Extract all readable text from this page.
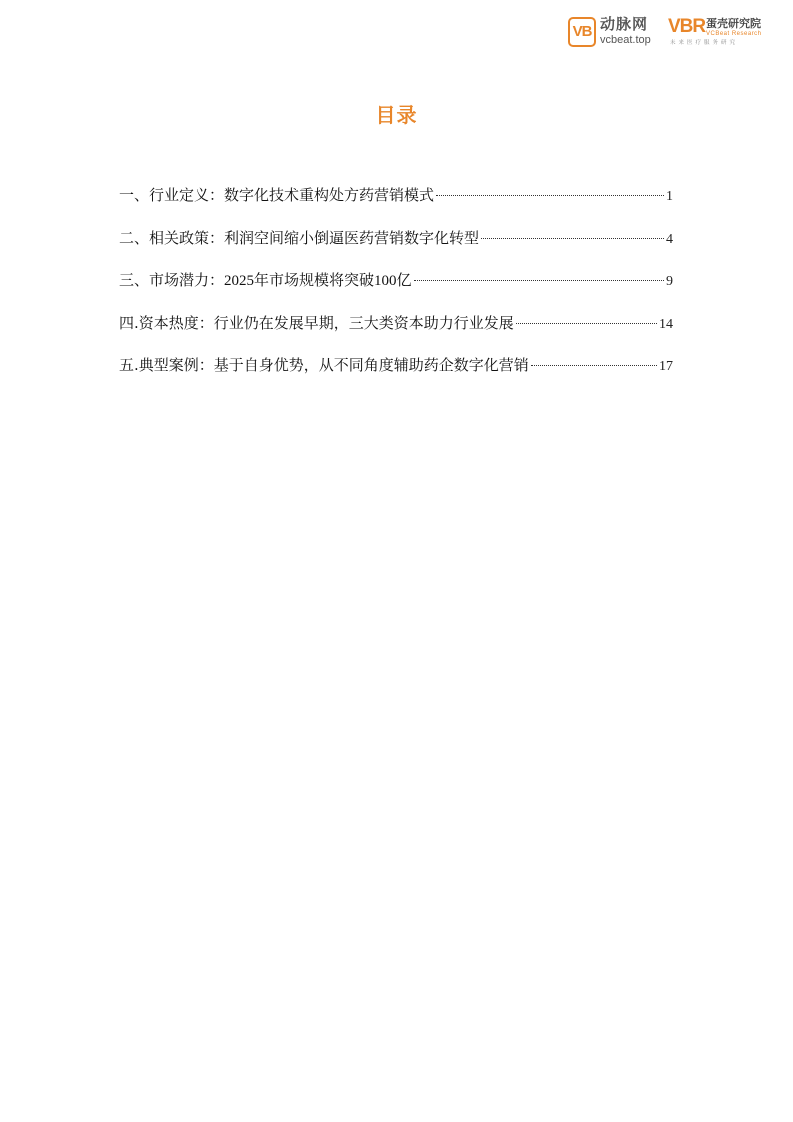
VB 动脉网
vcbeat.top
VBR 蛋壳研究院
VCBeat Research
未来医疗服务研究
目录
一、 行业定义： 数字化技术重构处方药营销模式	1
二、 相关政策： 利润空间缩小倒逼医药营销数字化转型	4
三、 市场潜力： 2025 年市场规模将突破 100 亿	9
四. 资本热度： 行业仍在发展早期，三大类资本助力行业发展	14
五. 典型案例： 基于自身优势，从不同角度辅助药企数字化营销	17
